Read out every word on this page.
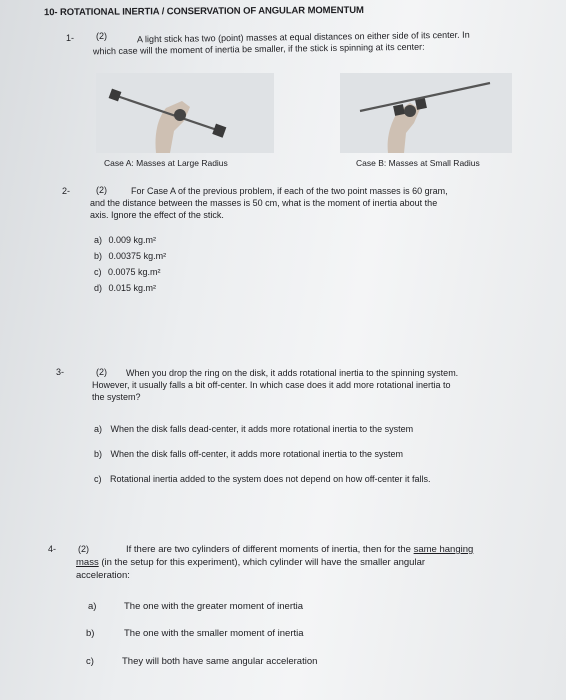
10- ROTATIONAL INERTIA / CONSERVATION OF ANGULAR MOMENTUM
1- (2)	A light stick has two (point) masses at equal distances on either side of its center. In
which case will the moment of inertia be smaller, if the stick is spinning at its center:
Case A: Masses at Large Radius	Case B: Masses at Small Radius
2-	(2)	For Case A of the previous problem, if each of the two point masses is 60 gram,
and the distance between the masses is 50 cm, what is the moment of inertia about the
axis. Ignore the effect of the stick.
a) 0.009 kg.m²
b) 0.00375 kg.m²
c) 0.0075 kg.m²
d) 0.015 kg.m²
3-	(2) When you drop the ring on the disk, it adds rotational inertia to the spinning system.
However, it usually falls a bit off-center. In which case does it add more rotational inertia to
the system?
a) When the disk falls dead-center, it adds more rotational inertia to the system
b) When the disk falls off-center, it adds more rotational inertia to the system
c) Rotational inertia added to the system does not depend on how off-center it falls.
4- (2)	If there are two cylinders of different moments of inertia, then for the same hanging
mass (in the setup for this experiment), which cylinder will have the smaller angular
acceleration:
a)	The one with the greater moment of inertia
b)	The one with the smaller moment of inertia
c)	They will both have same angular acceleration
